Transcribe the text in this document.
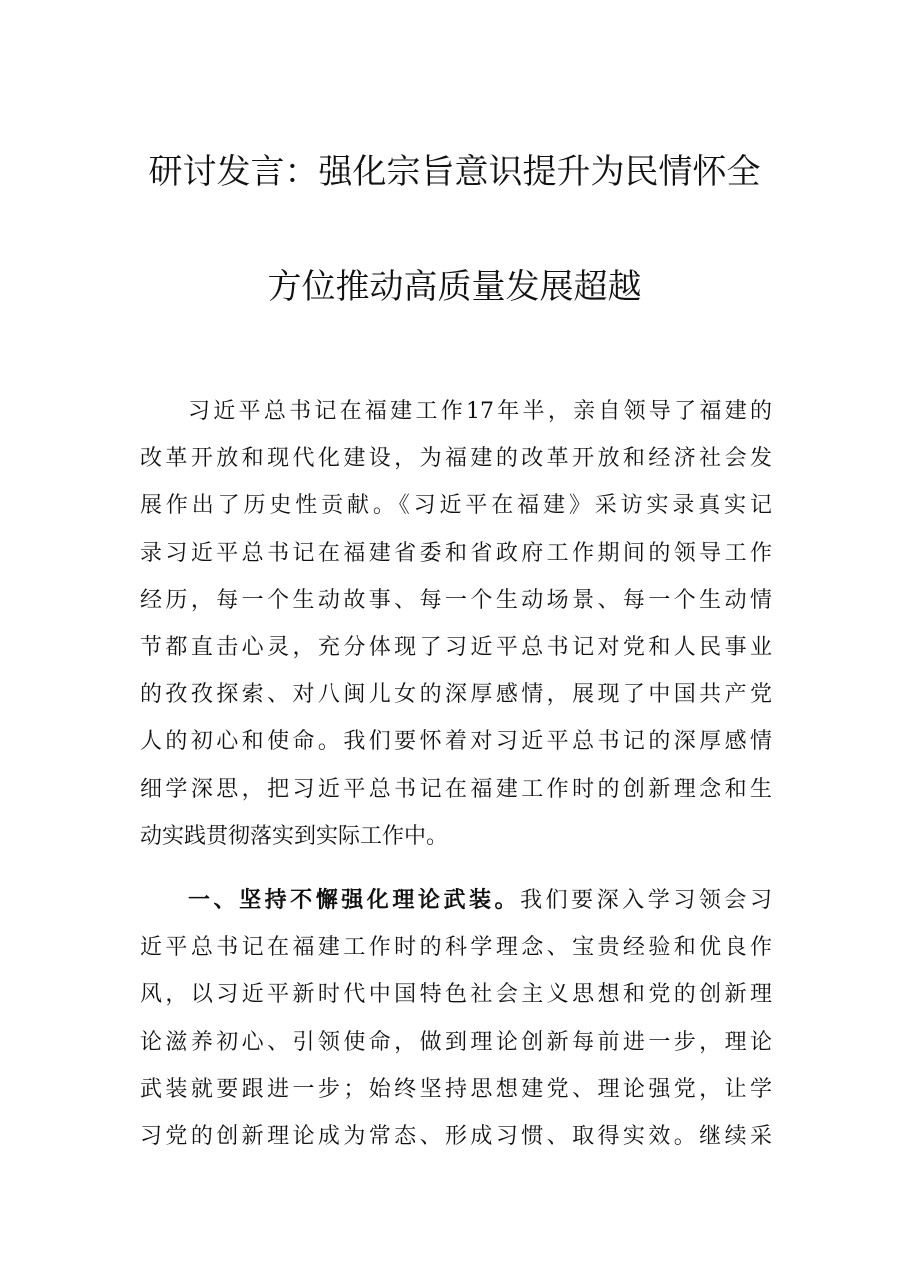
研讨发言：强化宗旨意识提升为民情怀全
方位推动高质量发展超越
习近平总书记在福建工作17年半，亲自领导了福建的
改革开放和现代化建设，为福建的改革开放和经济社会发
展作出了历史性贡献。《习近平在福建》采访实录真实记
录习近平总书记在福建省委和省政府工作期间的领导工作
经历，每一个生动故事、每一个生动场景、每一个生动情
节都直击心灵，充分体现了习近平总书记对党和人民事业
的孜孜探索、对八闽儿女的深厚感情，展现了中国共产党
人的初心和使命。我们要怀着对习近平总书记的深厚感情
细学深思，把习近平总书记在福建工作时的创新理念和生
动实践贯彻落实到实际工作中。
一、坚持不懈强化理论武装。我们要深入学习领会习
近平总书记在福建工作时的科学理念、宝贵经验和优良作
风，以习近平新时代中国特色社会主义思想和党的创新理
论滋养初心、引领使命，做到理论创新每前进一步，理论
武装就要跟进一步；始终坚持思想建党、理论强党，让学
习党的创新理论成为常态、形成习惯、取得实效。继续采
